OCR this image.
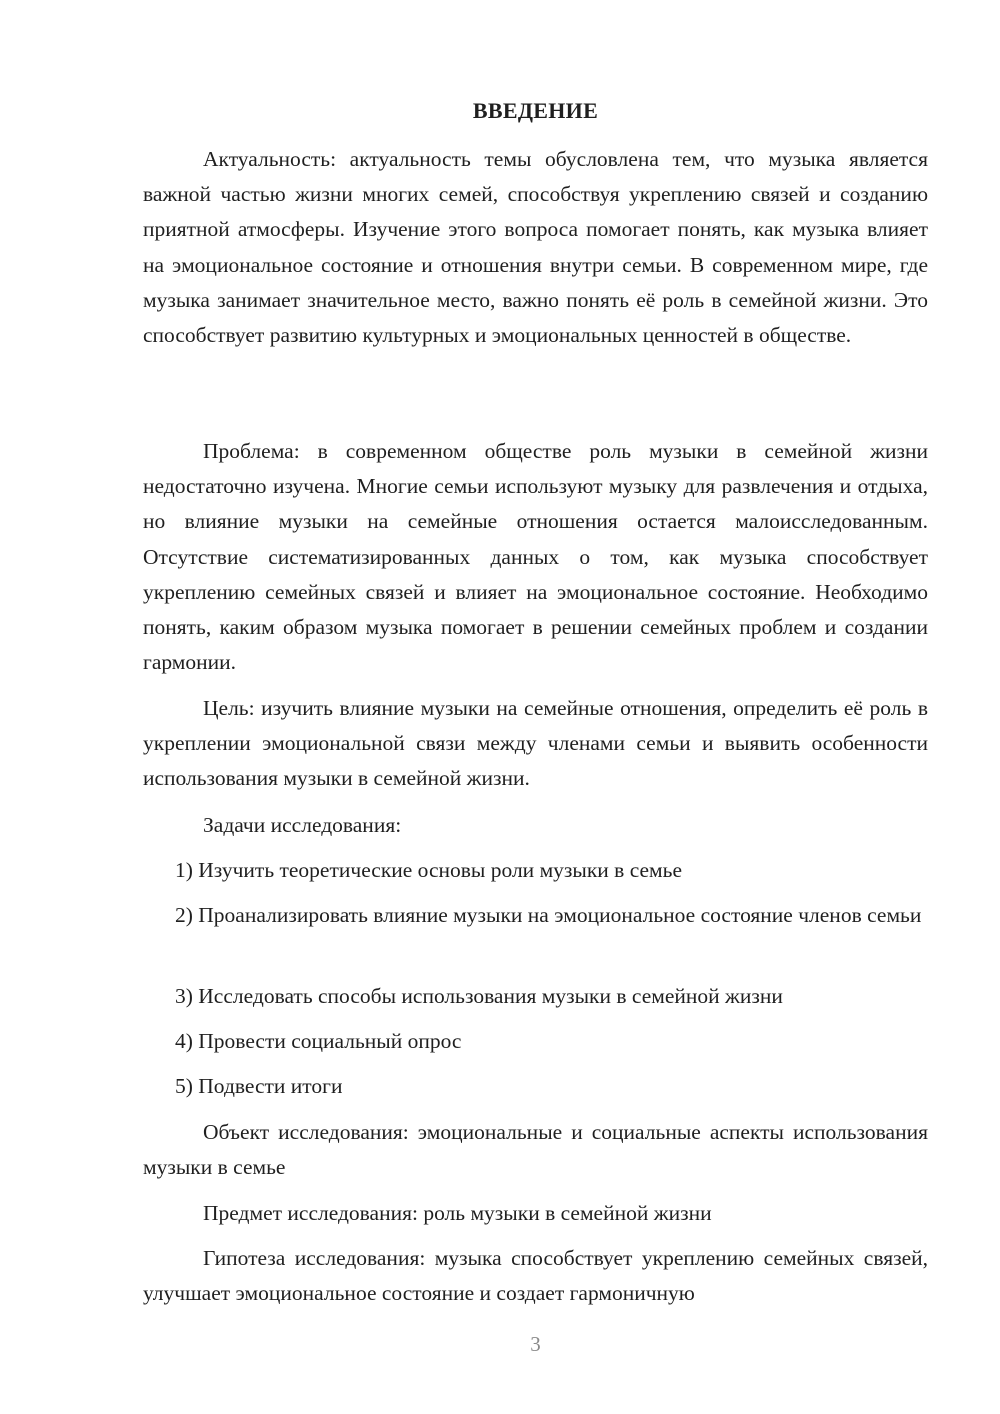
ВВЕДЕНИЕ

Актуальность: актуальность темы обусловлена тем, что музыка является важной частью жизни многих семей, способствуя укреплению связей и созданию приятной атмосферы. Изучение этого вопроса помогает понять, как музыка влияет на эмоциональное состояние и отношения внутри семьи. В современном мире, где музыка занимает значительное место, важно понять её роль в семейной жизни. Это способствует развитию культурных и эмоциональных ценностей в обществе.

Проблема: в современном обществе роль музыки в семейной жизни недостаточно изучена. Многие семьи используют музыку для развлечения и отдыха, но влияние музыки на семейные отношения остается малоисследованным. Отсутствие систематизированных данных о том, как музыка способствует укреплению семейных связей и влияет на эмоциональное состояние. Необходимо понять, каким образом музыка помогает в решении семейных проблем и создании гармонии.

Цель: изучить влияние музыки на семейные отношения, определить её роль в укреплении эмоциональной связи между членами семьи и выявить особенности использования музыки в семейной жизни.

Задачи исследования:

1) Изучить теоретические основы роли музыки в семье

2) Проанализировать влияние музыки на эмоциональное состояние членов семьи

3) Исследовать способы использования музыки в семейной жизни

4) Провести социальный опрос

5) Подвести итоги

Объект исследования: эмоциональные и социальные аспекты использования музыки в семье

Предмет исследования: роль музыки в семейной жизни

Гипотеза исследования: музыка способствует укреплению семейных связей, улучшает эмоциональное состояние и создает гармоничную

3
